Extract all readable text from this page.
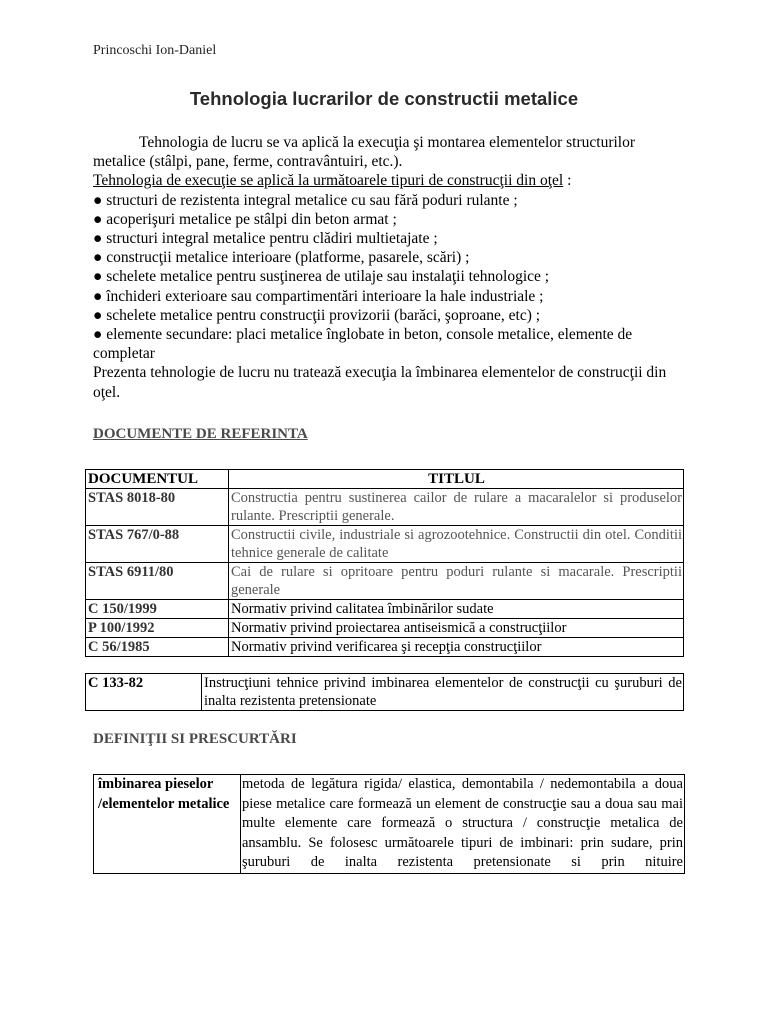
Princoschi Ion-Daniel
Tehnologia lucrarilor de constructii metalice

Tehnologia de lucru se va aplică la execuţia şi montarea elementelor structurilor metalice (stâlpi, pane, ferme, contravântuiri, etc.).

Tehnologia de execuţie se aplică la următoarele tipuri de construcţii din oţel :

● structuri de rezistenta integral metalice cu sau fără poduri rulante ;

● acoperişuri metalice pe stâlpi din beton armat ;

● structuri integral metalice pentru clădiri multietajate ;

● construcţii metalice interioare (platforme, pasarele, scări) ;

● schelete metalice pentru susţinerea de utilaje sau instalaţii tehnologice ;

● închideri exterioare sau compartimentări interioare la hale industriale ;

● schelete metalice pentru construcţii provizorii (barăci, şoproane, etc) ;

● elemente secundare: placi metalice înglobate in beton, console metalice, elemente de completar

Prezenta tehnologie de lucru nu tratează execuţia la îmbinarea elementelor de construcţii din oţel.

DOCUMENTE DE REFERINTA
DOCUMENTUL	TITLUL
STAS 8018-80	Constructia pentru sustinerea cailor de rulare a macaralelor si produselor rulante. Prescriptii generale.
STAS 767/0-88	Constructii civile, industriale si agrozootehnice. Constructii din otel. Conditii tehnice generale de calitate
STAS 6911/80	Cai de rulare si opritoare pentru poduri rulante si macarale. Prescriptii generale
C 150/1999	Normativ privind calitatea îmbinărilor sudate
P 100/1992	Normativ privind proiectarea antiseismică a construcţiilor
C 56/1985	Normativ privind verificarea şi recepţia construcţiilor
C 133-82	Instrucţiuni tehnice privind imbinarea elementelor de construcţii cu şuruburi de inalta rezistenta pretensionate
DEFINIŢII SI PRESCURTĂRI
îmbinarea pieselor /elementelor metalice	metoda de legătura rigida/ elastica, demontabila / nedemontabila a doua piese metalice care formează un element de construcţie sau a doua sau mai multe elemente care formează o structura / construcţie metalica de ansamblu. Se folosesc următoarele tipuri de imbinari: prin sudare, prin şuruburi de inalta rezistenta pretensionate si prin nituire
